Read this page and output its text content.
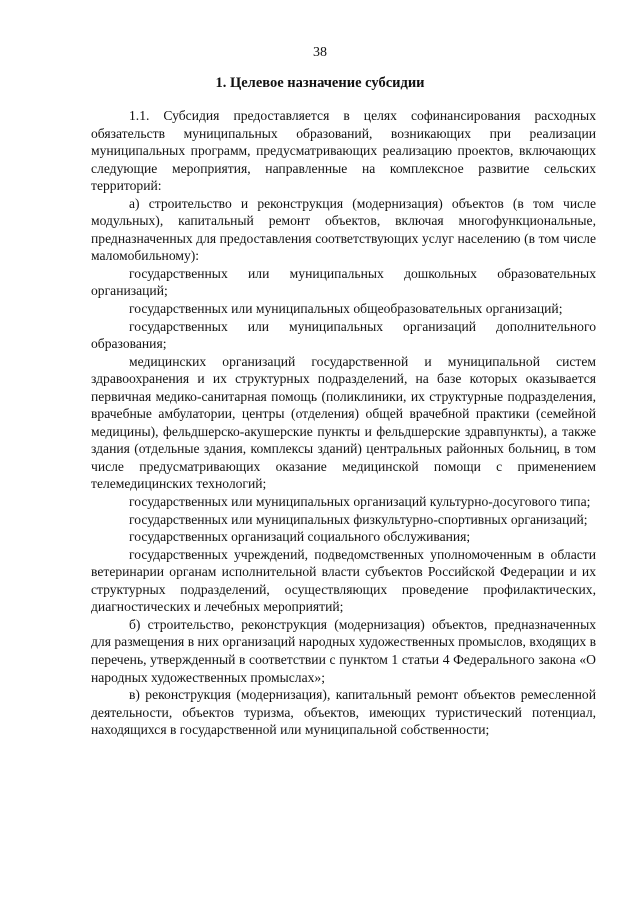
38
1. Целевое назначение субсидии

1.1. Субсидия предоставляется в целях софинансирования расходных обязательств муниципальных образований, возникающих при реализации муниципальных программ, предусматривающих реализацию проектов, включающих следующие мероприятия, направленные на комплексное развитие сельских территорий:

а) строительство и реконструкция (модернизация) объектов (в том числе модульных), капитальный ремонт объектов, включая многофункциональные, предназначенных для предоставления соответствующих услуг населению (в том числе маломобильному):

государственных или муниципальных дошкольных образовательных организаций;

государственных или муниципальных общеобразовательных организаций;

государственных или муниципальных организаций дополнительного образования;

медицинских организаций государственной и муниципальной систем здравоохранения и их структурных подразделений, на базе которых оказывается первичная медико-санитарная помощь (поликлиники, их структурные подразделения, врачебные амбулатории, центры (отделения) общей врачебной практики (семейной медицины), фельдшерско-акушерские пункты и фельдшерские здравпункты), а также здания (отдельные здания, комплексы зданий) центральных районных больниц, в том числе предусматривающих оказание медицинской помощи с применением телемедицинских технологий;

государственных или муниципальных организаций культурно-досугового типа;

государственных или муниципальных физкультурно-спортивных организаций;

государственных организаций социального обслуживания;

государственных учреждений, подведомственных уполномоченным в области ветеринарии органам исполнительной власти субъектов Российской Федерации и их структурных подразделений, осуществляющих проведение профилактических, диагностических и лечебных мероприятий;

б) строительство, реконструкция (модернизация) объектов, предназначенных для размещения в них организаций народных художественных промыслов, входящих в перечень, утвержденный в соответствии с пунктом 1 статьи 4 Федерального закона «О народных художественных промыслах»;

в) реконструкция (модернизация), капитальный ремонт объектов ремесленной деятельности, объектов туризма, объектов, имеющих туристический потенциал, находящихся в государственной или муниципальной собственности;
